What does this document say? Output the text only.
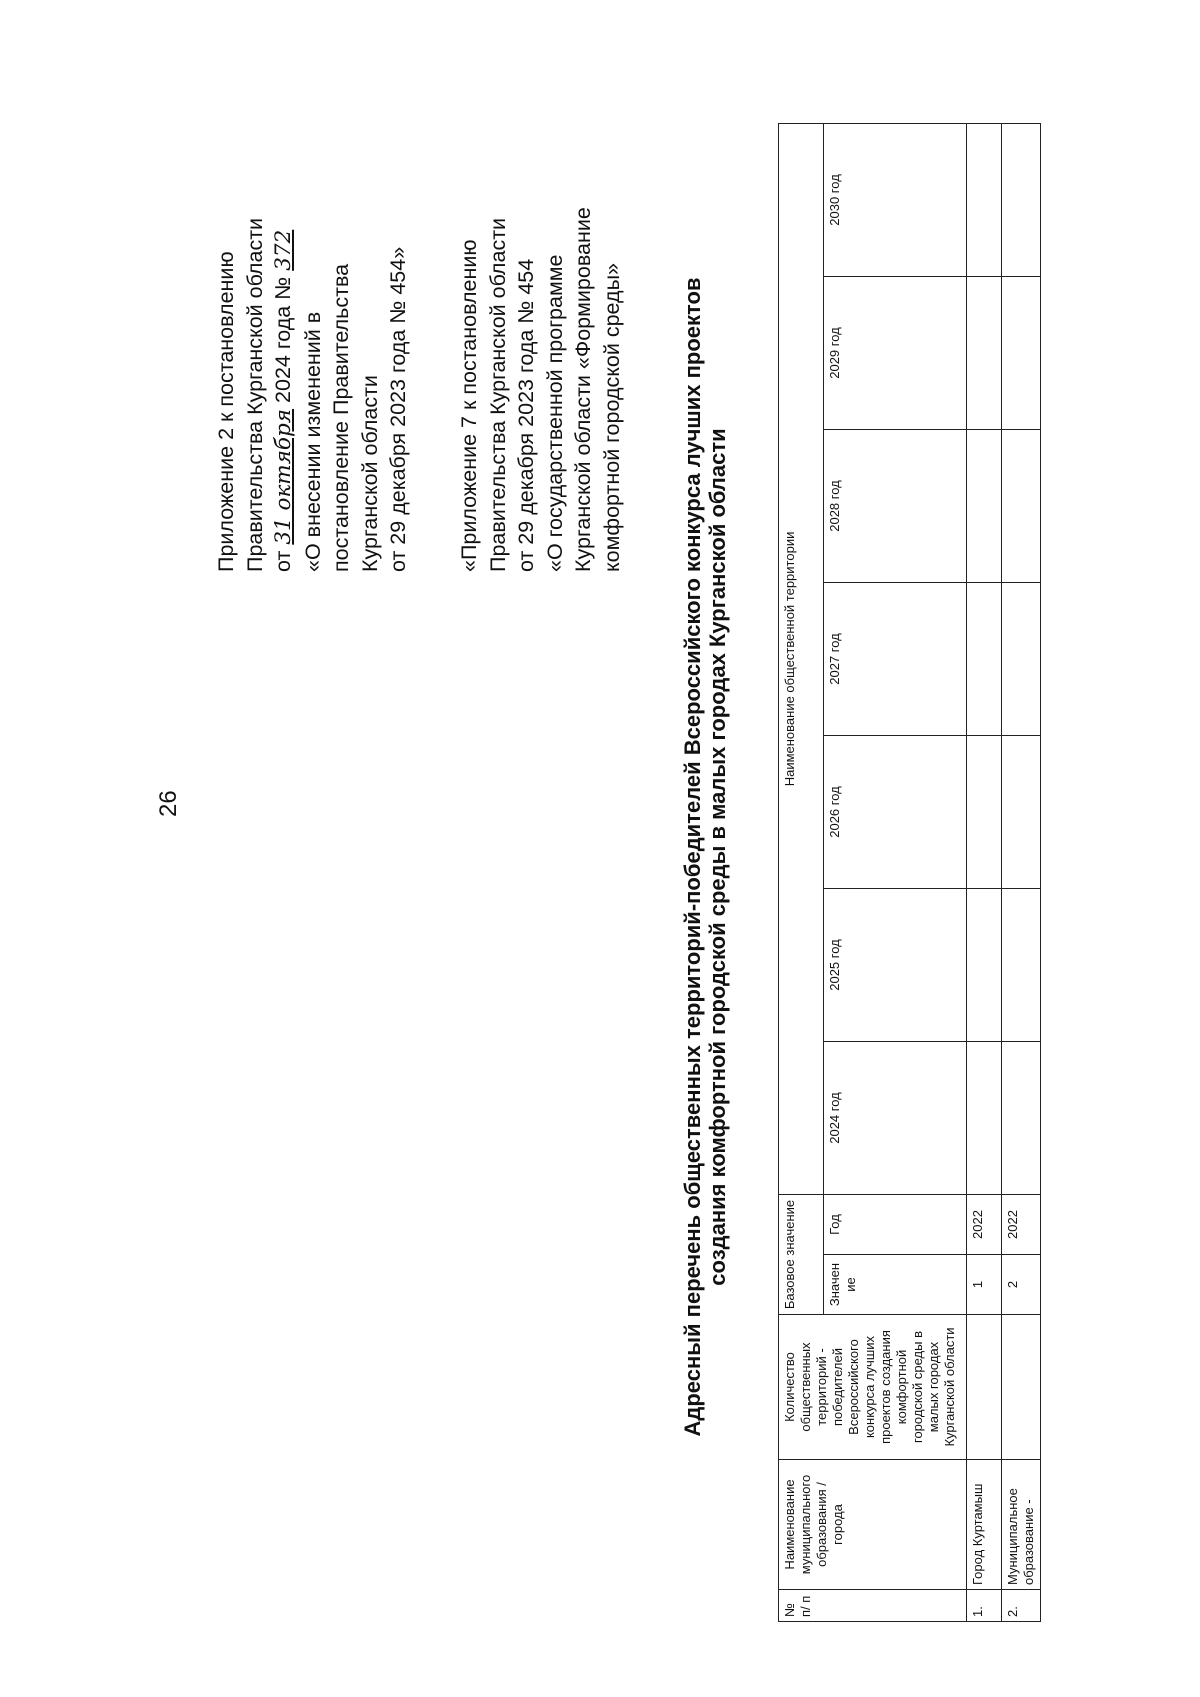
26

Приложение 2 к постановлению Правительства Курганской области от 31 октября 2024 года № 372

«О внесении изменений в постановление Правительства Курганской области от 29 декабря 2023 года № 454» «Приложение 7 к постановлению Правительства Курганской области от 29 декабря 2023 года № 454 «О государственной программе Курганской области «Формирование комфортной городской среды»	Адресный перечень общественных территорий-победителей Всероссийского конкурса лучших проектов создания комфортной городской среды в малых городах Курганской области
№ п/ п	Наименование муниципального образования / города	Количество общественных территорий - победителей Всероссийского конкурса лучших проектов создания комфортной городской среды в малых городах Курганской области	Базовое значение		Наименование общественной территории						
			Значен ие	Год	2024 год	2025 год	2026 год	2027 год	2028 год	2029 год	2030 год
1.	Город Куртамыш		1	2022							
2.	Муниципальное образование -		2	2022							
